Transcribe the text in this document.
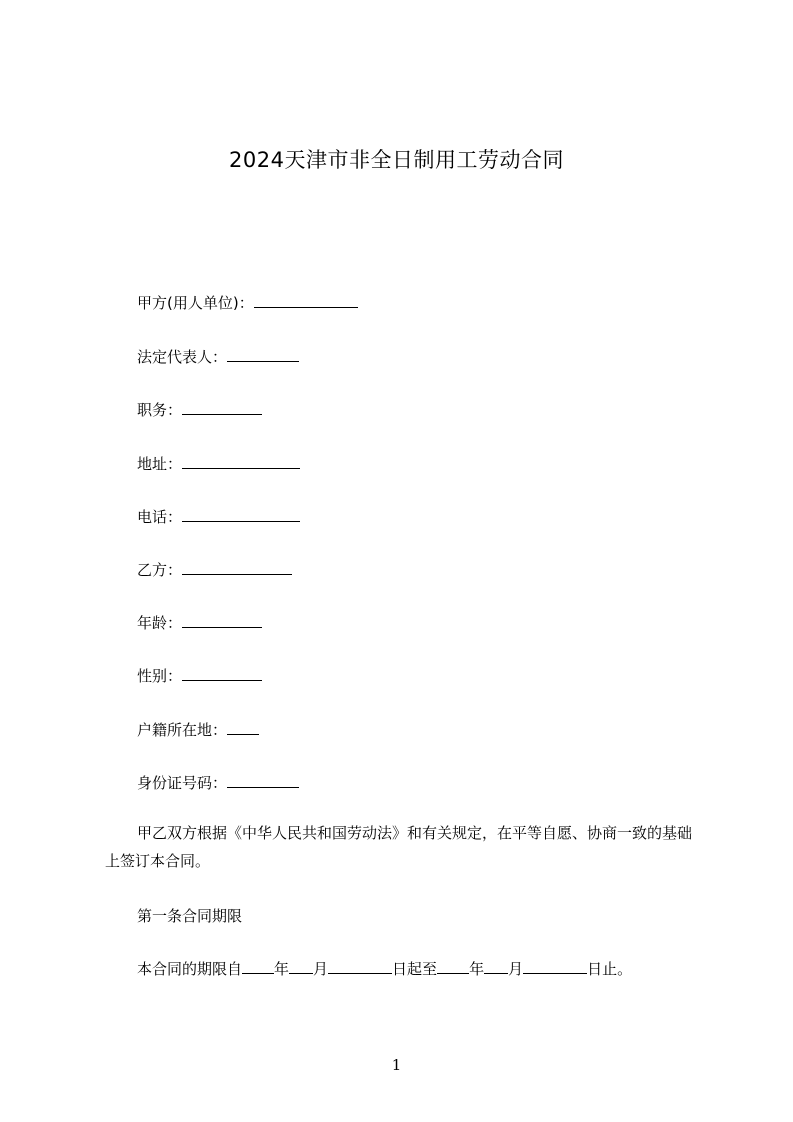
2024天津市非全日制用工劳动合同
甲方(用人单位)：
法定代表人：
职务：
地址：
电话：
乙方：
年龄：
性别：
户籍所在地：
身份证号码：
甲乙双方根据《中华人民共和国劳动法》和有关规定，在平等自愿、协商一致的基础上签订本合同。
第一条合同期限
本合同的期限自 年 月	日起至 年 月	日止。
1
